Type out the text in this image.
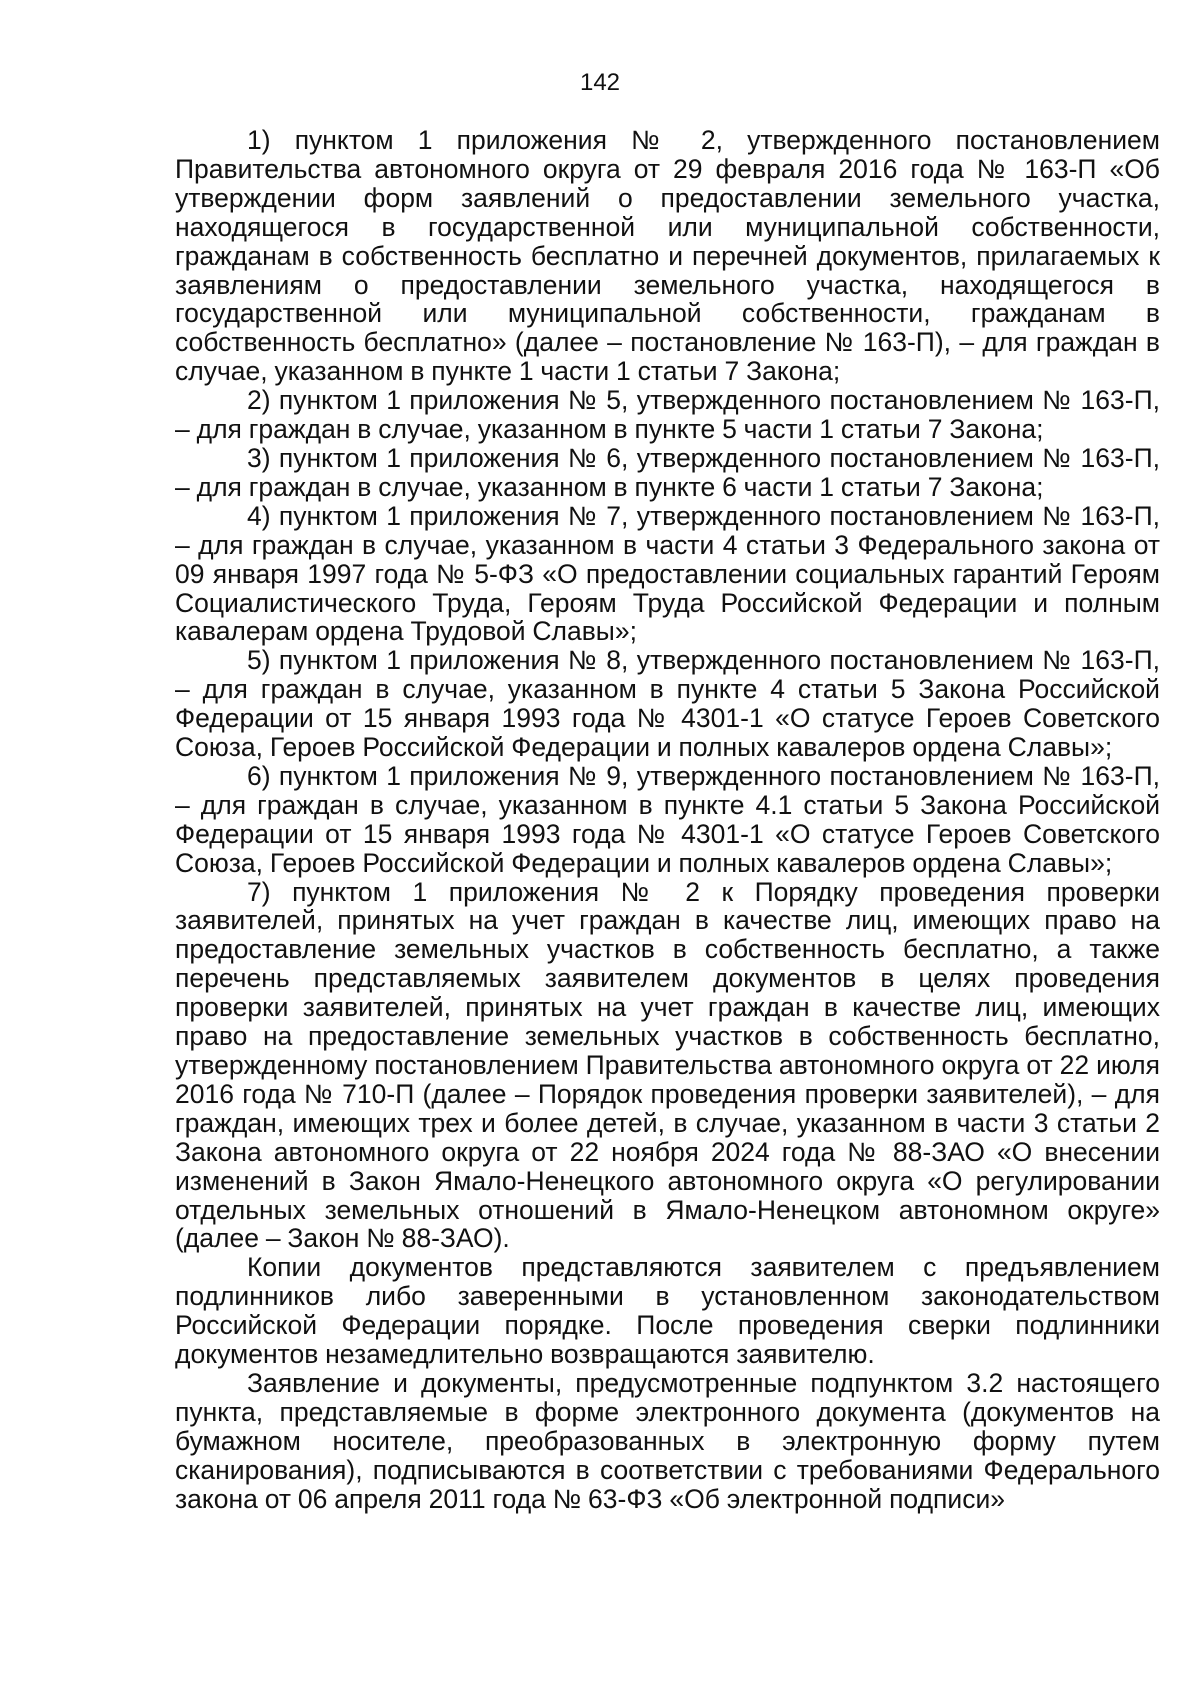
142

1) пунктом 1 приложения № 2, утвержденного постановлением Правительства автономного округа от 29 февраля 2016 года № 163-П «Об утверждении форм заявлений о предоставлении земельного участка, находящегося в государственной или муниципальной собственности, гражданам в собственность бесплатно и перечней документов, прилагаемых к заявлениям о предоставлении земельного участка, находящегося в государственной или муниципальной собственности, гражданам в собственность бесплатно» (далее – постановление № 163-П), – для граждан в случае, указанном в пункте 1 части 1 статьи 7 Закона;

2) пунктом 1 приложения № 5, утвержденного постановлением № 163-П, – для граждан в случае, указанном в пункте 5 части 1 статьи 7 Закона;

3) пунктом 1 приложения № 6, утвержденного постановлением № 163-П, – для граждан в случае, указанном в пункте 6 части 1 статьи 7 Закона;

4) пунктом 1 приложения № 7, утвержденного постановлением № 163-П, – для граждан в случае, указанном в части 4 статьи 3 Федерального закона от 09 января 1997 года № 5-ФЗ «О предоставлении социальных гарантий Героям Социалистического Труда, Героям Труда Российской Федерации и полным кавалерам ордена Трудовой Славы»;

5) пунктом 1 приложения № 8, утвержденного постановлением № 163-П, – для граждан в случае, указанном в пункте 4 статьи 5 Закона Российской Федерации от 15 января 1993 года № 4301-1 «О статусе Героев Советского Союза, Героев Российской Федерации и полных кавалеров ордена Славы»;

6) пунктом 1 приложения № 9, утвержденного постановлением № 163-П, – для граждан в случае, указанном в пункте 4.1 статьи 5 Закона Российской Федерации от 15 января 1993 года № 4301-1 «О статусе Героев Советского Союза, Героев Российской Федерации и полных кавалеров ордена Славы»;

7) пунктом 1 приложения № 2 к Порядку проведения проверки заявителей, принятых на учет граждан в качестве лиц, имеющих право на предоставление земельных участков в собственность бесплатно, а также перечень представляемых заявителем документов в целях проведения проверки заявителей, принятых на учет граждан в качестве лиц, имеющих право на предоставление земельных участков в собственность бесплатно, утвержденному постановлением Правительства автономного округа от 22 июля 2016 года № 710-П (далее – Порядок проведения проверки заявителей), – для граждан, имеющих трех и более детей, в случае, указанном в части 3 статьи 2 Закона автономного округа от 22 ноября 2024 года № 88-ЗАО «О внесении изменений в Закон Ямало-Ненецкого автономного округа «О регулировании отдельных земельных отношений в Ямало-Ненецком автономном округе» (далее – Закон № 88-ЗАО).

Копии документов представляются заявителем с предъявлением подлинников либо заверенными в установленном законодательством Российской Федерации порядке. После проведения сверки подлинники документов незамедлительно возвращаются заявителю.

Заявление и документы, предусмотренные подпунктом 3.2 настоящего пункта, представляемые в форме электронного документа (документов на бумажном носителе, преобразованных в электронную форму путем сканирования), подписываются в соответствии с требованиями Федерального закона от 06 апреля 2011 года № 63-ФЗ «Об электронной подписи»
